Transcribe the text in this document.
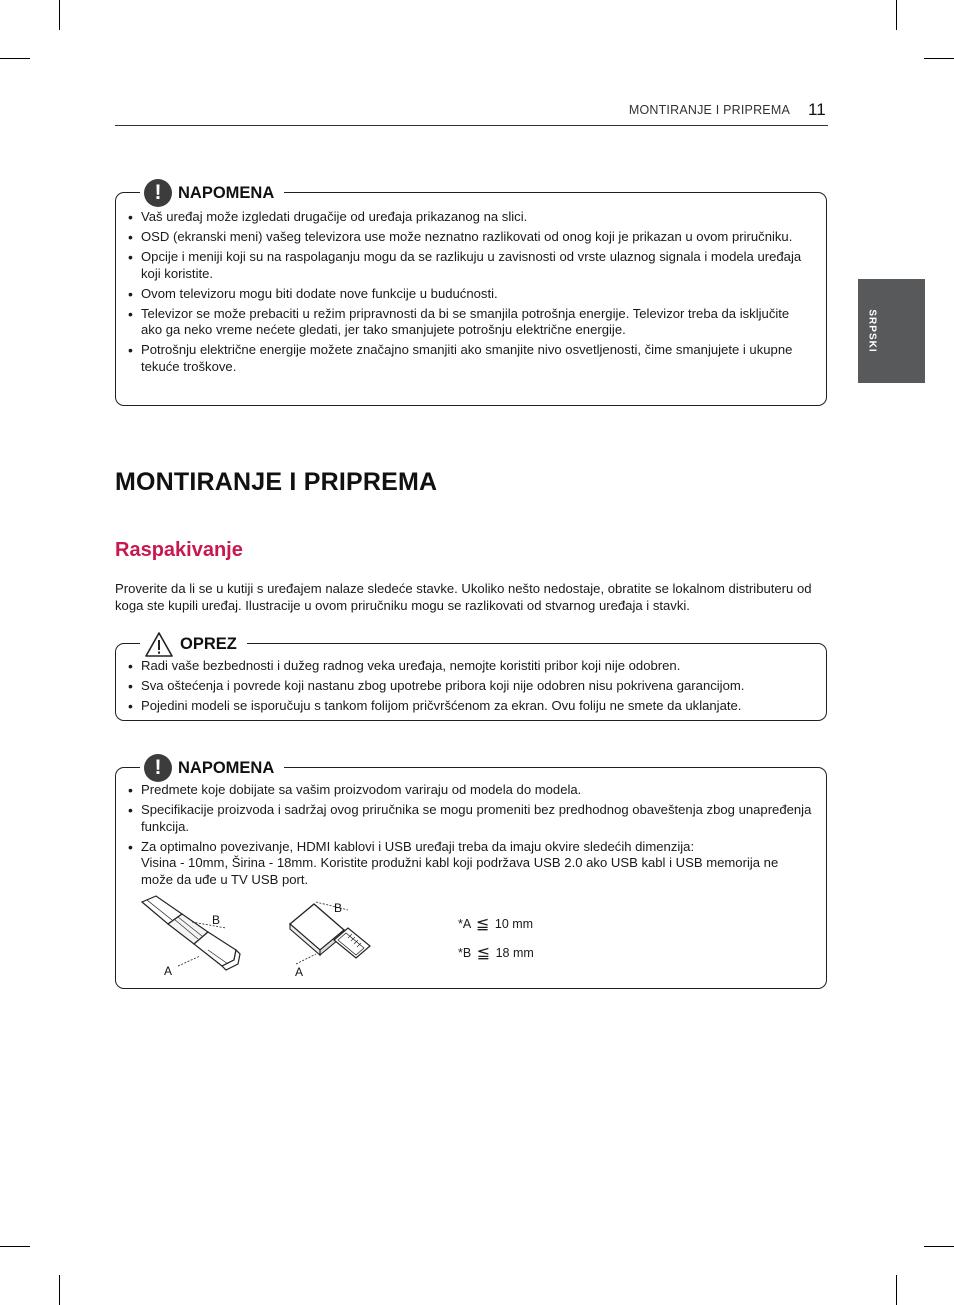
MONTIRANJE I PRIPREMA 11
SRPSKI
!	NAPOMENA
• Vaš uređaj može izgledati drugačije od uređaja prikazanog na slici.
• OSD (ekranski meni) vašeg televizora use može neznatno razlikovati od onog koji je prikazan u ovom priručniku.
• Opcije i meniji koji su na raspolaganju mogu da se razlikuju u zavisnosti od vrste ulaznog signala i modela uređaja koji koristite.
• Ovom televizoru mogu biti dodate nove funkcije u budućnosti.
• Televizor se može prebaciti u režim pripravnosti da bi se smanjila potrošnja energije. Televizor treba da isključite ako ga neko vreme nećete gledati, jer tako smanjujete potrošnju električne energije.
• Potrošnju električne energije možete značajno smanjiti ako smanjite nivo osvetljenosti, čime smanjujete i ukupne tekuće troškove.
MONTIRANJE I PRIPREMA
Raspakivanje

Proverite da li se u kutiji s uređajem nalaze sledeće stavke. Ukoliko nešto nedostaje, obratite se lokalnom distributeru od koga ste kupili uređaj. Ilustracije u ovom priručniku mogu se razlikovati od stvarnog uređaja i stavki.

OPREZ
• Radi vaše bezbednosti i dužeg radnog veka uređaja, nemojte koristiti pribor koji nije odobren.
• Sva oštećenja i povrede koji nastanu zbog upotrebe pribora koji nije odobren nisu pokrivena garancijom.
• Pojedini modeli se isporučuju s tankom folijom pričvršćenom za ekran. Ovu foliju ne smete da uklanjate.
!	NAPOMENA
• Predmete koje dobijate sa vašim proizvodom variraju od modela do modela.
• Specifikacije proizvoda i sadržaj ovog priručnika se mogu promeniti bez predhodnog obaveštenja zbog unapređenja funkcija.
• Za optimalno povezivanje, HDMI kablovi i USB uređaji treba da imaju okvire sledećih dimenzija:
Visina - 10mm, Širina - 18mm. Koristite produžni kabl koji podržava USB 2.0 ako USB kabl i USB memorija ne može da uđe u TV USB port.
B
A
B
A
*A ≦ 10 mm
*B ≦ 18 mm
